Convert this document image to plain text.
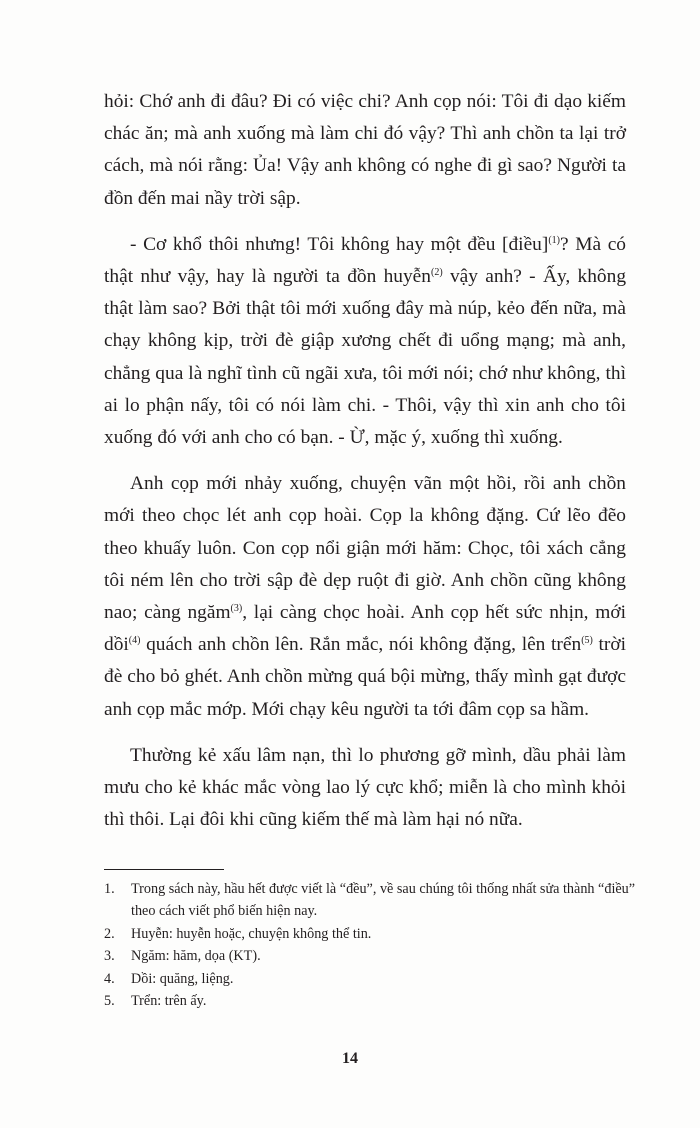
hỏi: Chớ anh đi đâu? Đi có việc chi? Anh cọp nói: Tôi đi dạo kiếm chác ăn; mà anh xuống mà làm chi đó vậy? Thì anh chồn ta lại trở cách, mà nói rằng: Ủa! Vậy anh không có nghe đi gì sao? Người ta đồn đến mai nầy trời sập.

- Cơ khổ thôi nhưng! Tôi không hay một đều [điều]$^{(1)}$? Mà có thật như vậy, hay là người ta đồn huyễn$^{(2)}$ vậy anh? - Ấy, không thật làm sao? Bởi thật tôi mới xuống đây mà núp, kẻo đến nữa, mà chạy không kịp, trời đè giập xương chết đi uổng mạng; mà anh, chẳng qua là nghĩ tình cũ ngãi xưa, tôi mới nói; chớ như không, thì ai lo phận nấy, tôi có nói làm chi. - Thôi, vậy thì xin anh cho tôi xuống đó với anh cho có bạn. - Ừ, mặc ý, xuống thì xuống.

Anh cọp mới nhảy xuống, chuyện vãn một hồi, rồi anh chồn mới theo chọc lét anh cọp hoài. Cọp la không đặng. Cứ lẽo đẽo theo khuấy luôn. Con cọp nổi giận mới hăm: Chọc, tôi xách cẳng tôi ném lên cho trời sập đè dẹp ruột đi giờ. Anh chồn cũng không nao; càng ngăm$^{(3)}$, lại càng chọc hoài. Anh cọp hết sức nhịn, mới dồi$^{(4)}$ quách anh chồn lên. Rắn mắc, nói không đặng, lên trển$^{(5)}$ trời đè cho bỏ ghét. Anh chồn mừng quá bội mừng, thấy mình gạt được anh cọp mắc mớp. Mới chạy kêu người ta tới đâm cọp sa hầm.

Thường kẻ xấu lâm nạn, thì lo phương gỡ mình, dầu phải làm mưu cho kẻ khác mắc vòng lao lý cực khổ; miễn là cho mình khỏi thì thôi. Lại đôi khi cũng kiếm thế mà làm hại nó nữa.

1. Trong sách này, hầu hết được viết là “đều”, về sau chúng tôi thống nhất sửa thành “điều” theo cách viết phổ biến hiện nay.
2. Huyễn: huyễn hoặc, chuyện không thể tin.
3. Ngăm: hăm, dọa (KT).
4. Dồi: quăng, liệng.
5. Trển: trên ấy.
14
